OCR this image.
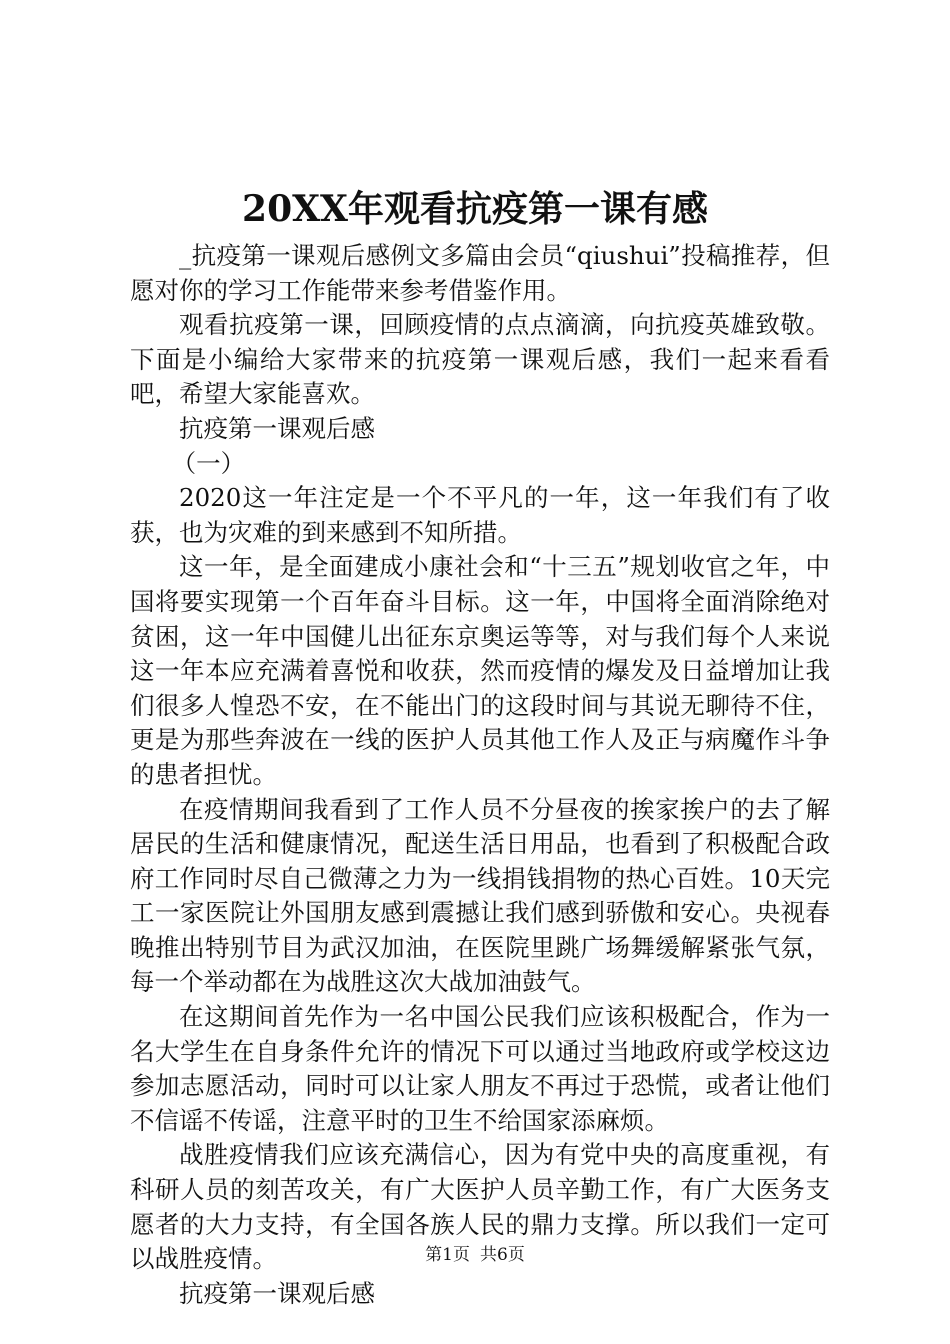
20XX年观看抗疫第一课有感

_抗疫第一课观后感例文多篇由会员“qiushui”投稿推荐，但愿对你的学习工作能带来参考借鉴作用。

观看抗疫第一课，回顾疫情的点点滴滴，向抗疫英雄致敬。下面是小编给大家带来的抗疫第一课观后感，我们一起来看看吧，希望大家能喜欢。

抗疫第一课观后感

（一）

2020这一年注定是一个不平凡的一年，这一年我们有了收获，也为灾难的到来感到不知所措。

这一年，是全面建成小康社会和“十三五”规划收官之年，中国将要实现第一个百年奋斗目标。这一年，中国将全面消除绝对贫困，这一年中国健儿出征东京奥运等等，对与我们每个人来说这一年本应充满着喜悦和收获，然而疫情的爆发及日益增加让我们很多人惶恐不安，在不能出门的这段时间与其说无聊待不住，更是为那些奔波在一线的医护人员其他工作人及正与病魔作斗争的患者担忧。

在疫情期间我看到了工作人员不分昼夜的挨家挨户的去了解居民的生活和健康情况，配送生活日用品，也看到了积极配合政府工作同时尽自己微薄之力为一线捐钱捐物的热心百姓。10天完工一家医院让外国朋友感到震撼让我们感到骄傲和安心。央视春晚推出特别节目为武汉加油，在医院里跳广场舞缓解紧张气氛，每一个举动都在为战胜这次大战加油鼓气。

在这期间首先作为一名中国公民我们应该积极配合，作为一名大学生在自身条件允许的情况下可以通过当地政府或学校这边参加志愿活动，同时可以让家人朋友不再过于恐慌，或者让他们不信谣不传谣，注意平时的卫生不给国家添麻烦。

战胜疫情我们应该充满信心，因为有党中央的高度重视，有科研人员的刻苦攻关，有广大医护人员辛勤工作，有广大医务支愿者的大力支持，有全国各族人民的鼎力支撑。所以我们一定可以战胜疫情。

抗疫第一课观后感

第1页 共6页
